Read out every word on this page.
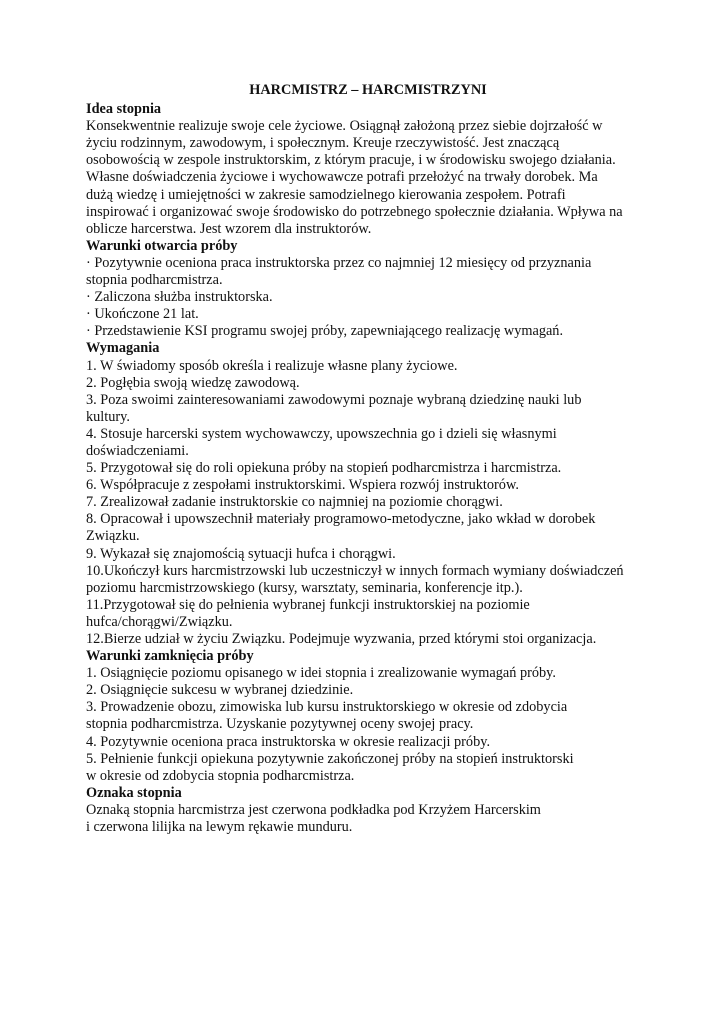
HARCMISTRZ – HARCMISTRZYNI
Idea stopnia
Konsekwentnie realizuje swoje cele życiowe. Osiągnął założoną przez siebie dojrzałość w
życiu rodzinnym, zawodowym, i społecznym. Kreuje rzeczywistość. Jest znaczącą
osobowością w zespole instruktorskim, z którym pracuje, i w środowisku swojego działania.
Własne doświadczenia życiowe i wychowawcze potrafi przełożyć na trwały dorobek. Ma
dużą wiedzę i umiejętności w zakresie samodzielnego kierowania zespołem. Potrafi
inspirować i organizować swoje środowisko do potrzebnego społecznie działania. Wpływa na
oblicze harcerstwa. Jest wzorem dla instruktorów.
Warunki otwarcia próby
· Pozytywnie oceniona praca instruktorska przez co najmniej 12 miesięcy od przyznania
stopnia podharcmistrza.
· Zaliczona służba instruktorska.
· Ukończone 21 lat.
· Przedstawienie KSI programu swojej próby, zapewniającego realizację wymagań.
Wymagania
1. W świadomy sposób określa i realizuje własne plany życiowe.
2. Pogłębia swoją wiedzę zawodową.
3. Poza swoimi zainteresowaniami zawodowymi poznaje wybraną dziedzinę nauki lub
kultury.
4. Stosuje harcerski system wychowawczy, upowszechnia go i dzieli się własnymi
doświadczeniami.
5. Przygotował się do roli opiekuna próby na stopień podharcmistrza i harcmistrza.
6. Współpracuje z zespołami instruktorskimi. Wspiera rozwój instruktorów.
7. Zrealizował zadanie instruktorskie co najmniej na poziomie chorągwi.
8. Opracował i upowszechnił materiały programowo-metodyczne, jako wkład w dorobek
Związku.
9. Wykazał się znajomością sytuacji hufca i chorągwi.
10.Ukończył kurs harcmistrzowski lub uczestniczył w innych formach wymiany doświadczeń
poziomu harcmistrzowskiego (kursy, warsztaty, seminaria, konferencje itp.).
11.Przygotował się do pełnienia wybranej funkcji instruktorskiej na poziomie
hufca/chorągwi/Związku.
12.Bierze udział w życiu Związku. Podejmuje wyzwania, przed którymi stoi organizacja.
Warunki zamknięcia próby
1. Osiągnięcie poziomu opisanego w idei stopnia i zrealizowanie wymagań próby.
2. Osiągnięcie sukcesu w wybranej dziedzinie.
3. Prowadzenie obozu, zimowiska lub kursu instruktorskiego w okresie od zdobycia
stopnia podharcmistrza. Uzyskanie pozytywnej oceny swojej pracy.
4. Pozytywnie oceniona praca instruktorska w okresie realizacji próby.
5. Pełnienie funkcji opiekuna pozytywnie zakończonej próby na stopień instruktorski
w okresie od zdobycia stopnia podharcmistrza.
Oznaka stopnia
Oznaką stopnia harcmistrza jest czerwona podkładka pod Krzyżem Harcerskim
i czerwona lilijka na lewym rękawie munduru.
